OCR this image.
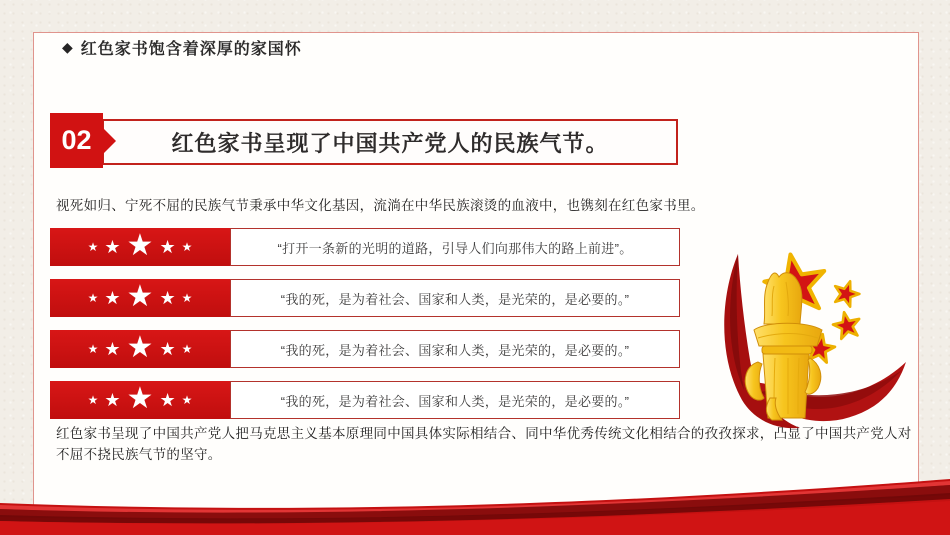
◆ 红色家书饱含着深厚的家国怀
02	红色家书呈现了中国共产党人的民族气节。

视死如归、宁死不屈的民族气节秉承中华文化基因，流淌在中华民族滚烫的血液中，也镌刻在红色家书里。

★ ★ ★ ★ ★	“打开一条新的光明的道路，引导人们向那伟大的路上前进”。
★ ★ ★ ★ ★	“我的死，是为着社会、国家和人类，是光荣的，是必要的。”
★ ★ ★ ★ ★	“我的死，是为着社会、国家和人类，是光荣的，是必要的。”
★ ★ ★ ★ ★	“我的死，是为着社会、国家和人类，是光荣的，是必要的。”

红色家书呈现了中国共产党人把马克思主义基本原理同中国具体实际相结合、同中华优秀传统文化相结合的孜孜探求，凸显了中国共产党人对不屈不挠民族气节的坚守。
